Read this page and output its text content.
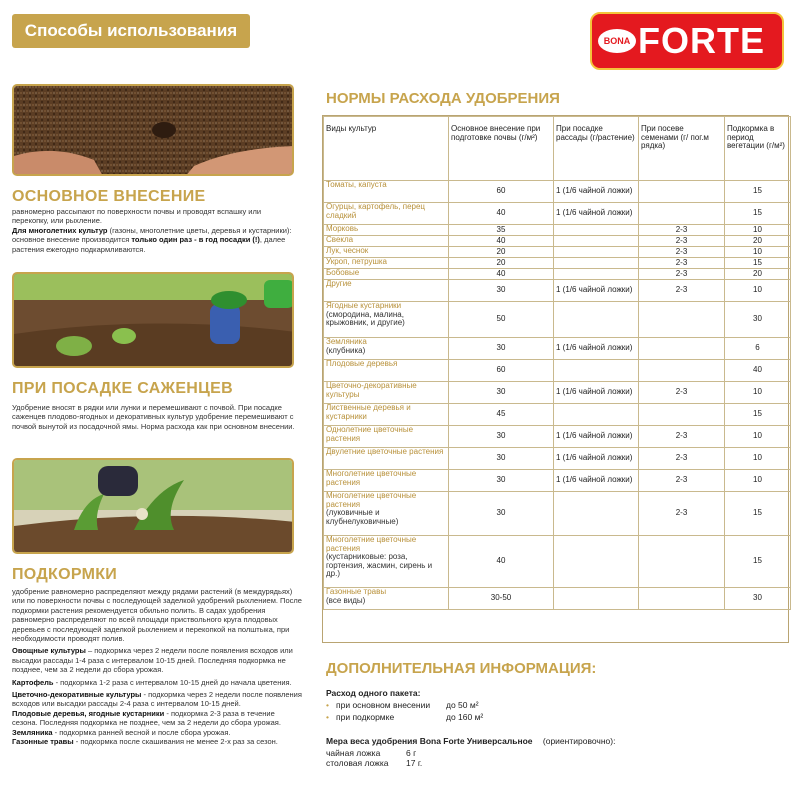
Способы использования
BONA FORTE
ОСНОВНОЕ ВНЕСЕНИЕ
равномерно рассыпают по поверхности почвы и проводят вспашку или перекопку, или рыхление.
Для многолетних культур (газоны, многолетние цветы, деревья и кустарники): основное внесение производится только один раз - в год посадки (!), далее растения ежегодно подкармливаются.
ПРИ ПОСАДКЕ САЖЕНЦЕВ
Удобрение вносят в рядки или лунки и перемешивают с почвой. При посадке саженцев плодово-ягодных и декоративных культур удобрение перемешивают с почвой вынутой из посадочной ямы. Норма расхода как при основном внесении.
ПОДКОРМКИ
удобрение равномерно распределяют между рядами растений (в междурядьях) или по поверхности почвы с последующей заделкой удобрений рыхлением. После подкормки растения рекомендуется обильно полить. В садах удобрения равномерно распределяют по всей площади приствольного круга плодовых деревьев с последующей заделкой рыхлением и перекопкой на полштыка, при необходимости проводят полив.
Овощные культуры – подкормка через 2 недели после появления всходов или высадки рассады 1-4 раза с интервалом 10-15 дней. Последняя подкормка не позднее, чем за 2 недели до сбора урожая.
Картофель - подкормка 1-2 раза с интервалом 10-15 дней до начала цветения.
Цветочно-декоративные культуры - подкормка через 2 недели после появления всходов или высадки рассады 2-4 раза с интервалом 10-15 дней.
Плодовые деревья, ягодные кустарники - подкормка 2-3 раза в течение сезона. Последняя подкормка не позднее, чем за 2 недели до сбора урожая.
Земляника - подкормка ранней весной и после сбора урожая.
Газонные травы - подкормка после скашивания не менее 2-х раз за сезон.
НОРМЫ РАСХОДА УДОБРЕНИЯ
Виды культур	Основное внесение при подготовке почвы (г/м²)	При посадке рассады (г/растение)	При посеве семенами (г/ пог.м рядка)	Подкормка в период вегетации (г/м²)

Томаты, капуста	60	1 (1/6 чайной ложки)		15

Огурцы, картофель, перец сладкий	40	1 (1/6 чайной ложки)		15

Морковь	35		2-3	10

Свекла	40		2-3	20

Лук, чеснок	20		2-3	10

Укроп, петрушка	20		2-3	15

Бобовые	40		2-3	20

Другие	30	1 (1/6 чайной ложки)	2-3	10

Ягодные кустарники
(смородина, малина, крыжовник, и другие)	50			30

Земляника
(клубника)	30	1 (1/6 чайной ложки)		6

Плодовые деревья	60			40

Цветочно-декоративные культуры	30	1 (1/6 чайной ложки)	2-3	10

Лиственные деревья и кустарники	45			15

Однолетние цветочные растения	30	1 (1/6 чайной ложки)	2-3	10

Двулетние цветочные растения	30	1 (1/6 чайной ложки)	2-3	10

Многолетние цветочные растения	30	1 (1/6 чайной ложки)	2-3	10

Многолетние цветочные растения
(луковичные и клубнелуковичные)	30		2-3	15

Многолетние цветочные растения
(кустарниковые: роза, гортензия, жасмин, сирень и др.)	40			15

Газонные травы
(все виды)	30-50			30
ДОПОЛНИТЕЛЬНАЯ ИНФОРМАЦИЯ:
Расход одного пакета:
• при основном внесении	до 50 м²
• при подкормке	до 160 м²
Мера веса удобрения Bona Forte Универсальное (ориентировочно):
чайная ложка	6 г
столовая ложка	17 г.
